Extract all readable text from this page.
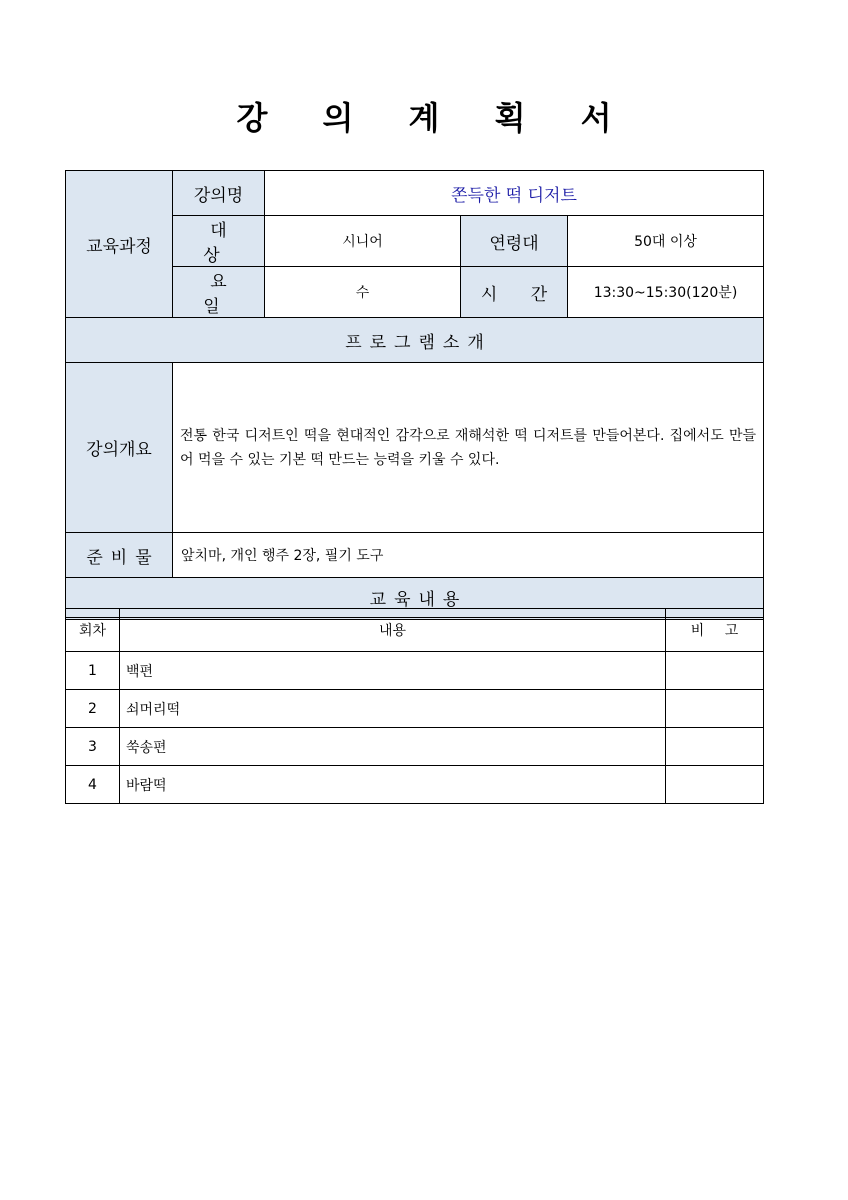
강 의 계 획 서
교육과정	강의명	쫀득한 떡 디저트		
	대 상	시니어	연령대	50대 이상
	요 일	수	시 간	13:30~15:30(120분)
프로그램소개				
강의개요	전통 한국 디저트인 떡을 현대적인 감각으로 재해석한 떡 디저트를 만들어본다. 집에서도 만들어 먹을 수 있는 기본 떡 만드는 능력을 키울 수 있다.			
준비물	앞치마, 개인 행주 2장, 필기 도구			
교육내용				
회차	내용	비 고
1	백편	
2	쇠머리떡	
3	쑥송편	
4	바람떡	
